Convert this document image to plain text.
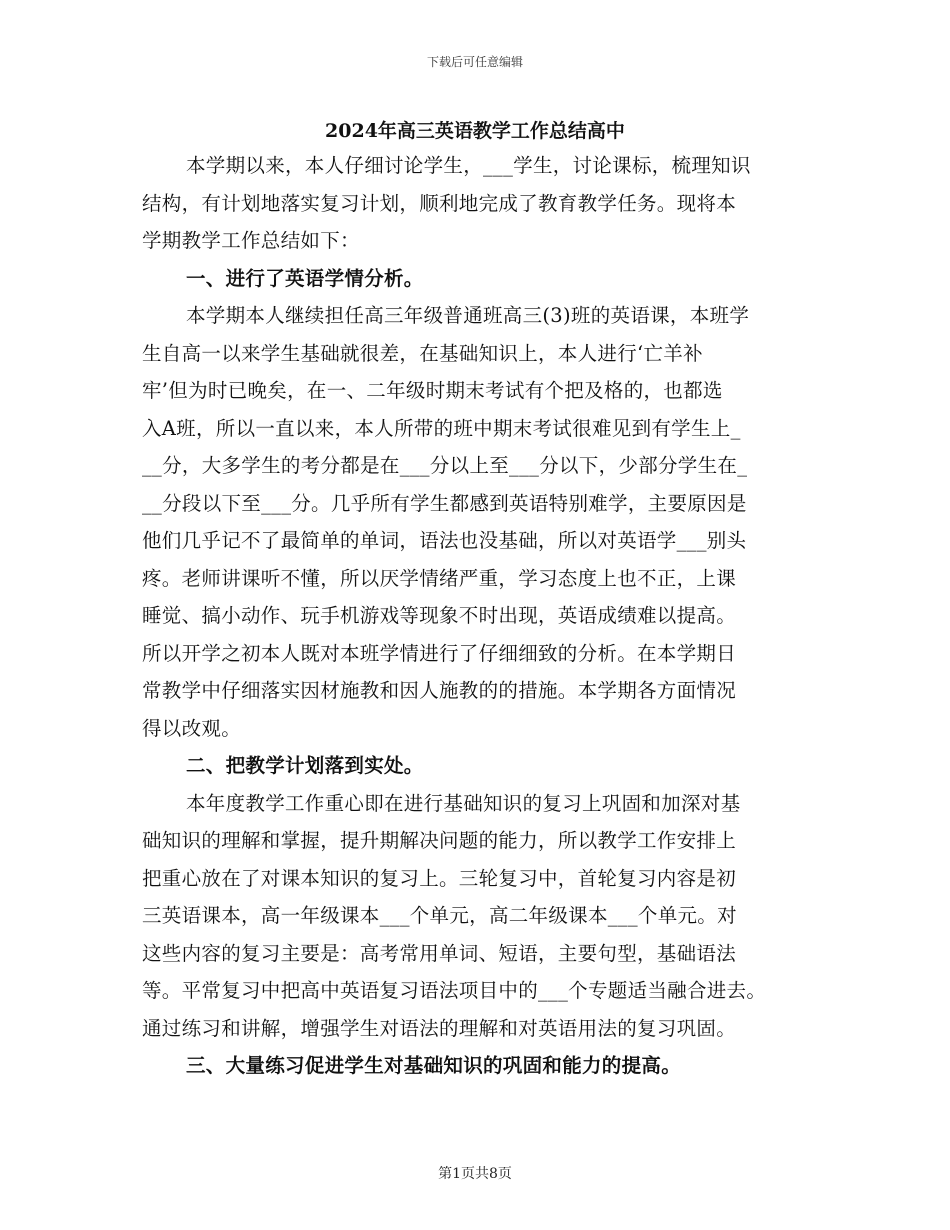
下载后可任意编辑
2024年高三英语教学工作总结高中
本学期以来，本人仔细讨论学生，___学生，讨论课标，梳理知识
结构，有计划地落实复习计划，顺利地完成了教育教学任务。现将本
学期教学工作总结如下：
一、进行了英语学情分析。
本学期本人继续担任高三年级普通班高三(3)班的英语课，本班学
生自高一以来学生基础就很差，在基础知识上，本人进行‘亡羊补
牢’但为时已晚矣，在一、二年级时期末考试有个把及格的，也都选
入A班，所以一直以来，本人所带的班中期末考试很难见到有学生上_
__分，大多学生的考分都是在___分以上至___分以下，少部分学生在_
__分段以下至___分。几乎所有学生都感到英语特别难学，主要原因是
他们几乎记不了最简单的单词，语法也没基础，所以对英语学___别头
疼。老师讲课听不懂，所以厌学情绪严重，学习态度上也不正，上课
睡觉、搞小动作、玩手机游戏等现象不时出现，英语成绩难以提高。
所以开学之初本人既对本班学情进行了仔细细致的分析。在本学期日
常教学中仔细落实因材施教和因人施教的的措施。本学期各方面情况
得以改观。
二、把教学计划落到实处。
本年度教学工作重心即在进行基础知识的复习上巩固和加深对基
础知识的理解和掌握，提升期解决问题的能力，所以教学工作安排上
把重心放在了对课本知识的复习上。三轮复习中，首轮复习内容是初
三英语课本，高一年级课本___个单元，高二年级课本___个单元。对
这些内容的复习主要是：高考常用单词、短语，主要句型，基础语法
等。平常复习中把高中英语复习语法项目中的___个专题适当融合进去。
通过练习和讲解，增强学生对语法的理解和对英语用法的复习巩固。
三、大量练习促进学生对基础知识的巩固和能力的提高。
第1页共8页
